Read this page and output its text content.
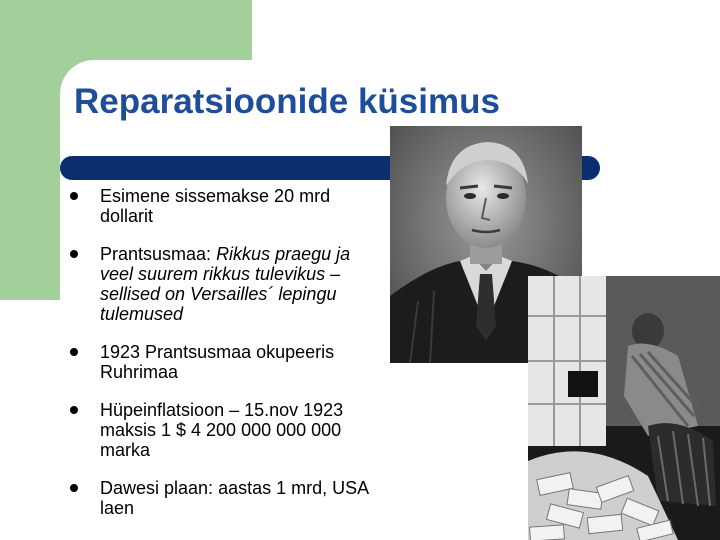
Reparatsioonide küsimus
Esimene sissemakse 20 mrd dollarit
Prantsusmaa: Rikkus praegu ja veel suurem rikkus tulevikus – sellised on Versailles´ lepingu tulemused
1923 Prantsusmaa okupeeris Ruhrimaa
Hüpeinflatsioon – 15.nov 1923 maksis 1 $ 4 200 000 000 000 marka
Dawesi plaan: aastas 1 mrd, USA laen
